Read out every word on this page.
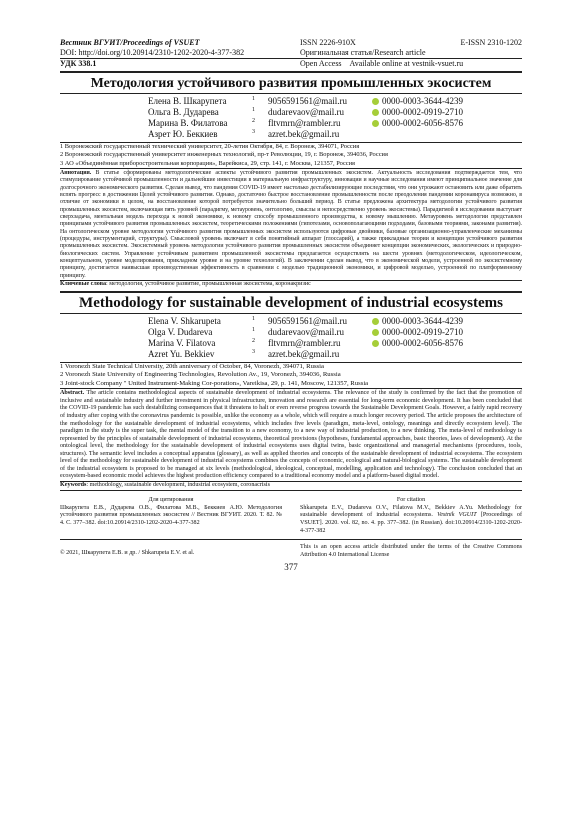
Вестник ВГУИТ/Proceedings of VSUET	ISSN 2226-910X	E-ISSN 2310-1202
DOI: http://doi.org/10.20914/2310-1202-2020-4-377-382	Оригинальная статья/Research article
УДК 338.1	Open Access Available online at vestnik-vsuet.ru
Методология устойчивого развития промышленных экосистем
Елена В. Шкарупета	1	9056591561@mail.ru	0000-0003-3644-4239
Ольга В. Дударева	1	dudarevaov@mail.ru	0000-0002-0919-2710
Марина В. Филатова	2	fltvmrn@rambler.ru	0000-0002-6056-8576
Азрет Ю. Беккиев	3	azret.bek@gmail.ru
1 Воронежский государственный технический университет, 20-летия Октября, 84, г. Воронеж, 394071, Россия
2 Воронежский государственный университет инженерных технологий, пр-т Революции, 19, г. Воронеж, 394036, Россия
3 АО «Объединённая приборостроительная корпорация», Варейкиса, 29, стр. 141, г. Москва, 121357, Россия
Аннотация. В статье сформированы методологические аспекты устойчивого развития промышленных экосистем. Актуальность исследования подтверждается тем, что стимулирование устойчивой промышленности и дальнейшие инвестиции в материальную инфраструктуру, инновации и научные исследования имеют принципиальное значение для долгосрочного экономического развития. Сделан вывод, что пандемия COVID-19 имеет настолько дестабилизирующие последствия, что они угрожают остановить или даже обратить вспять прогресс в достижении Целей устойчивого развития. Однако, достаточно быстрое восстановление промышленности после преодоления пандемии коронавируса возможно, в отличие от экономики в целом, на восстановление которой потребуется значительно больший период. В статье предложена архитектура методологии устойчивого развития промышленных экосистем, включающая пять уровней (парадигму, метауровень, онтологию, смыслы и непосредственно уровень экосистемы). Парадигмой в исследовании выступает сверхзадача, ментальная модель перехода к новой экономике, к новому способу промышленного производства, к новому мышлению. Метауровень методологии представлен принципами устойчивого развития промышленных экосистем, теоретическими положениями (гипотезами, основополагающими подходами, базовыми теориями, законами развития). На онтологическом уровне методологии устойчивого развития промышленных экосистем используются цифровые двойники, базовые организационно-управленческие механизмы (процедуры, инструментарий, структуры). Смысловой уровень включает в себя понятийный аппарат (глоссарий), а также прикладные теории и концепции устойчивого развития промышленных экосистем. Экосистемный уровень методологии устойчивого развития промышленных экосистем объединяет концепции экономических, экологических и природно-биологических систем. Управление устойчивым развитием промышленной экосистемы предлагается осуществлять на шести уровнях (методологическом, идеологическом, концептуальном, уровне моделирования, прикладном уровне и на уровне технологий). В заключении сделан вывод, что в экономической модели, устроенной по экосистемному принципу, достигается наивысшая производственная эффективность в сравнении с моделью традиционной экономики, и цифровой моделью, устроенной по платформенному принципу.
Ключевые слова: методология, устойчивое развитие, промышленная экосистема, коронакризис
Methodology for sustainable development of industrial ecosystems
Elena V. Shkarupeta	1	9056591561@mail.ru	0000-0003-3644-4239
Olga V. Dudareva	1	dudarevaov@mail.ru	0000-0002-0919-2710
Marina V. Filatova	2	fltvmrn@rambler.ru	0000-0002-6056-8576
Azret Yu. Bekkiev	3	azret.bek@gmail.ru
1 Voronezh State Technical University, 20th anniversary of October, 84, Voronezh, 394071, Russia
2 Voronezh State University of Engineering Technologies, Revolution Av., 19, Voronezh, 394036, Russia
3 Joint-stock Company " United Instrument-Making Cor-poration», Vareikisa, 29, p. 141, Moscow, 121357, Russia
Abstract. The article contains methodological aspects of sustainable development of industrial ecosystems. The relevance of the study is confirmed by the fact that the promotion of inclusive and sustainable industry and further investment in physical infrastructure, innovation and research are essential for long-term economic development. It has been concluded that the COVID-19 pandemic has such destabilizing consequences that it threatens to halt or even reverse progress towards the Sustainable Development Goals. However, a fairly rapid recovery of industry after coping with the coronavirus pandemic is possible, unlike the economy as a whole, which will require a much longer recovery period. The article proposes the architecture of the methodology for the sustainable development of industrial ecosystems, which includes five levels (paradigm, meta-level, ontology, meanings and directly ecosystem level). The paradigm in the study is the super task, the mental model of the transition to a new economy, to a new way of industrial production, to a new thinking. The meta-level of methodology is represented by the principles of sustainable development of industrial ecosystems, theoretical provisions (hypotheses, fundamental approaches, basic theories, laws of development). At the ontological level, the methodology for the sustainable development of industrial ecosystems uses digital twins, basic organizational and managerial mechanisms (procedures, tools, structures). The semantic level includes a conceptual apparatus (glossary), as well as applied theories and concepts of the sustainable development of industrial ecosystems. The ecosystem level of the methodology for sustainable development of industrial ecosystems combines the concepts of economic, ecological and natural-biological systems. The sustainable development of the industrial ecosystem is proposed to be managed at six levels (methodological, ideological, conceptual, modelling, application and technology). The conclusion concluded that an ecosystem-based economic model achieves the highest production efficiency compared to a traditional economy model and a platform-based digital model.
Keywords: methodology, sustainable development, industrial ecosystem, coronacrisis
Для цитирования
Шкарупета Е.В., Дударева О.В., Филатова М.В., Беккиев А.Ю. Методология устойчивого развития промышленных экосистем // Вестник ВГУИТ. 2020. Т. 82. № 4. С. 377–382. doi:10.20914/2310-1202-2020-4-377-382
For citation
Shkarupeta E.V., Dudareva O.V., Filatova M.V., Bekkiev A.Yu. Methodology for sustainable development of industrial ecosystems. Vestnik VGUIT [Proceedings of VSUET]. 2020. vol. 82, no. 4. pp. 377–382. (in Russian). doi:10.20914/2310-1202-2020-4-377-382
© 2021, Шкарупета Е.В. и др. / Shkarupeta E.V. et al.
This is an open access article distributed under the terms of the Creative Commons Attribution 4.0 International License
377
